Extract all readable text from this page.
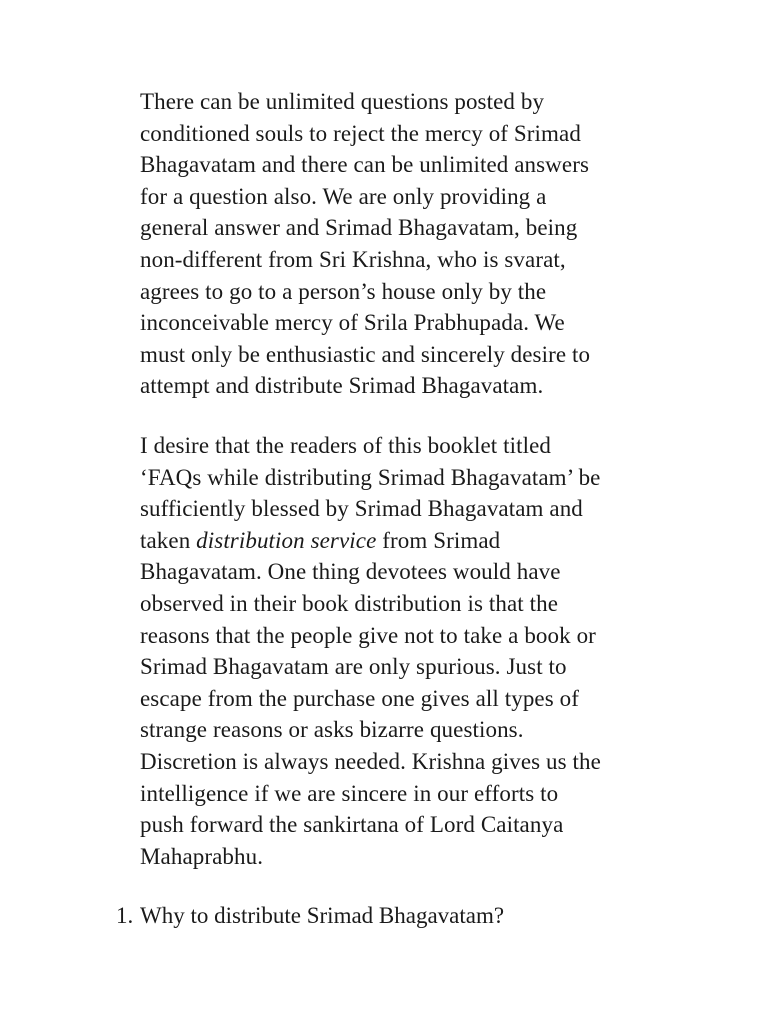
There can be unlimited questions posted by
conditioned souls to reject the mercy of Srimad
Bhagavatam and there can be unlimited answers
for a question also. We are only providing a
general answer and Srimad Bhagavatam, being
non-different from Sri Krishna, who is svarat,
agrees to go to a person’s house only by the
inconceivable mercy of Srila Prabhupada. We
must only be enthusiastic and sincerely desire to
attempt and distribute Srimad Bhagavatam.
I desire that the readers of this booklet titled
‘FAQs while distributing Srimad Bhagavatam’ be
sufficiently blessed by Srimad Bhagavatam and
taken distribution service from Srimad
Bhagavatam. One thing devotees would have
observed in their book distribution is that the
reasons that the people give not to take a book or
Srimad Bhagavatam are only spurious. Just to
escape from the purchase one gives all types of
strange reasons or asks bizarre questions.
Discretion is always needed. Krishna gives us the
intelligence if we are sincere in our efforts to
push forward the sankirtana of Lord Caitanya
Mahaprabhu.
1. Why to distribute Srimad Bhagavatam?
